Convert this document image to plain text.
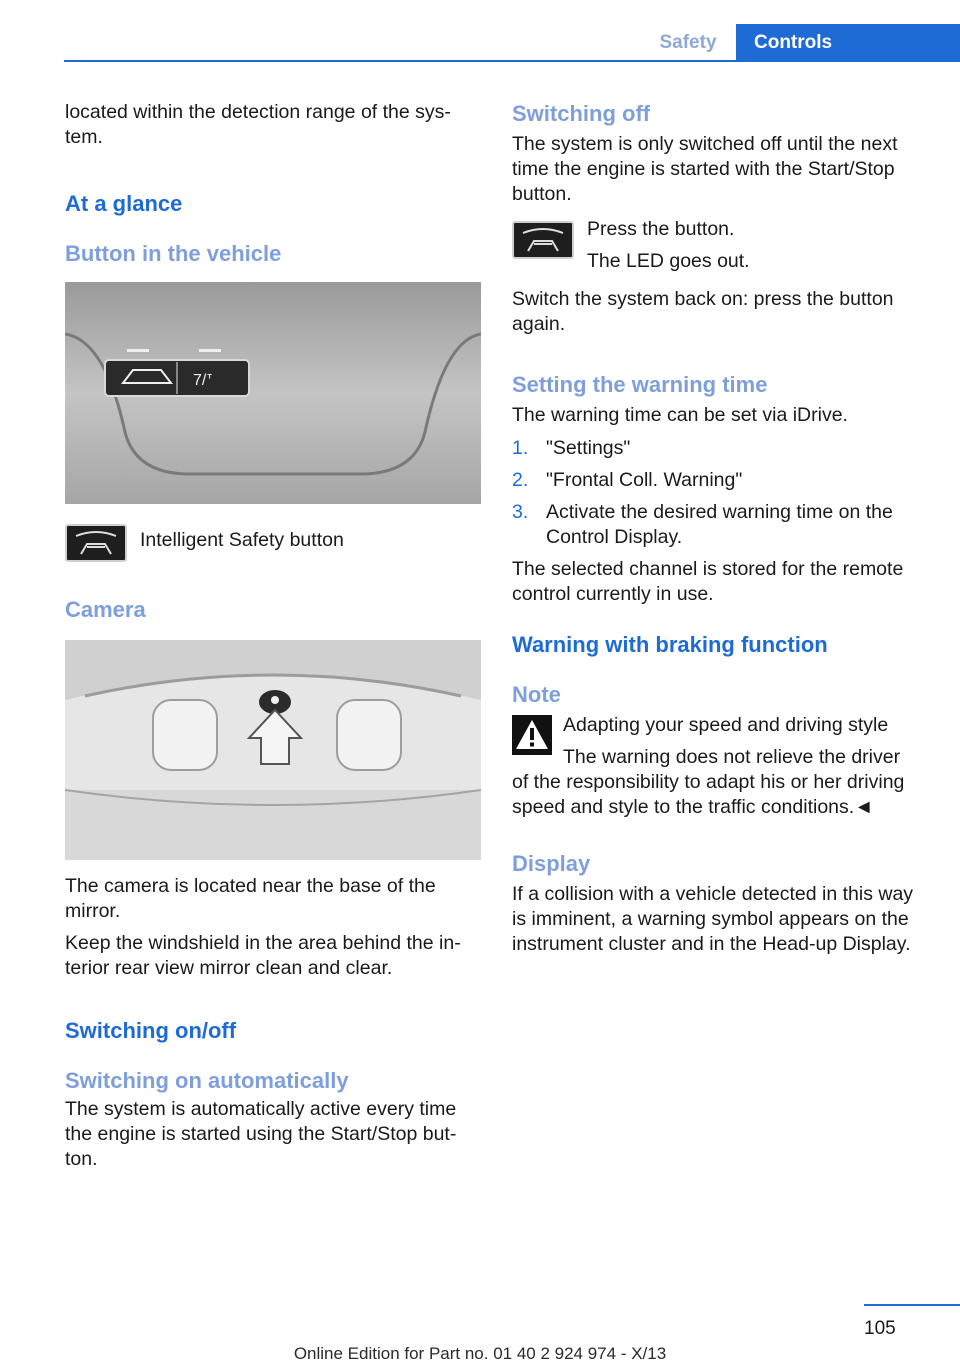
Safety	Controls

located within the detection range of the sys-tem.

At a glance
Button in the vehicle
7/ᐪ

Intelligent Safety button

Camera

The camera is located near the base of the mirror.

Keep the windshield in the area behind the in-terior rear view mirror clean and clear.

Switching on/off
Switching on automatically

The system is automatically active every time the engine is started using the Start/Stop but-ton.

Switching off

The system is only switched off until the next time the engine is started with the Start/Stop button.

Press the button.

The LED goes out.

Switch the system back on: press the button again.

Setting the warning time

The warning time can be set via iDrive.

1. "Settings"
2. "Frontal Coll. Warning"
3. Activate the desired warning time on the Control Display.

The selected channel is stored for the remote control currently in use.

Warning with braking function
Note

Adapting your speed and driving style

The warning does not relieve the driver

of the responsibility to adapt his or her driving speed and style to the traffic conditions.◄

Display

If a collision with a vehicle detected in this way is imminent, a warning symbol appears on the instrument cluster and in the Head-up Display.

105
Online Edition for Part no. 01 40 2 924 974 - X/13
